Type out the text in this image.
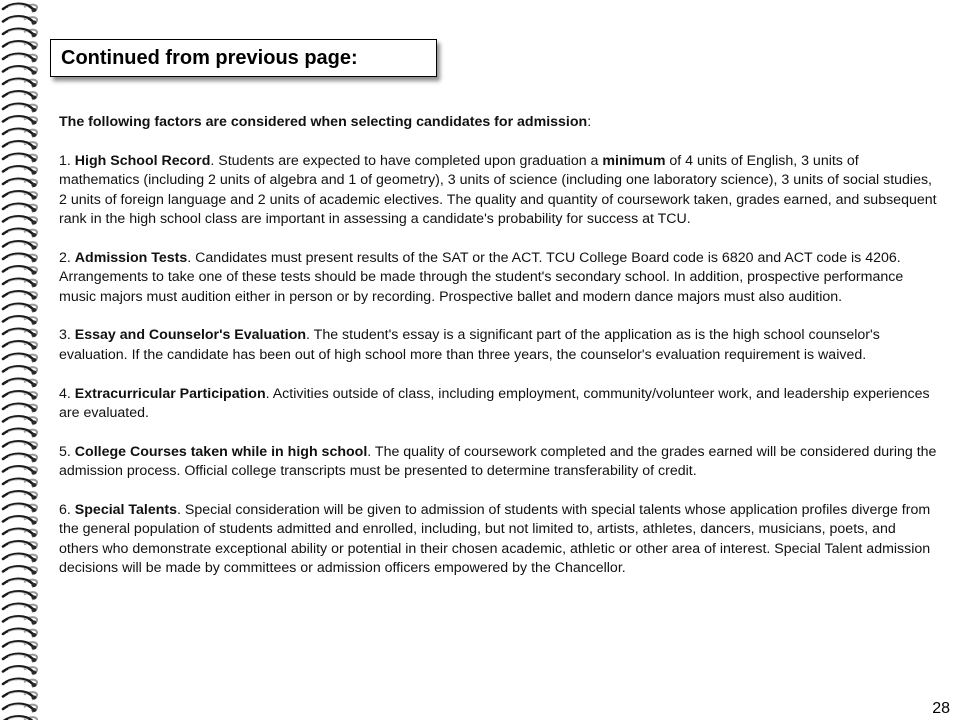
Continued from previous page:

The following factors are considered when selecting candidates for admission:

1. High School Record. Students are expected to have completed upon graduation a minimum of 4 units of English, 3 units of mathematics (including 2 units of algebra and 1 of geometry), 3 units of science (including one laboratory science), 3 units of social studies, 2 units of foreign language and 2 units of academic electives. The quality and quantity of coursework taken, grades earned, and subsequent rank in the high school class are important in assessing a candidate's probability for success at TCU.

2. Admission Tests. Candidates must present results of the SAT or the ACT. TCU College Board code is 6820 and ACT code is 4206. Arrangements to take one of these tests should be made through the student's secondary school. In addition, prospective performance music majors must audition either in person or by recording. Prospective ballet and modern dance majors must also audition.

3. Essay and Counselor's Evaluation. The student's essay is a significant part of the application as is the high school counselor's evaluation. If the candidate has been out of high school more than three years, the counselor's evaluation requirement is waived.

4. Extracurricular Participation. Activities outside of class, including employment, community/volunteer work, and leadership experiences are evaluated.

5. College Courses taken while in high school. The quality of coursework completed and the grades earned will be considered during the admission process. Official college transcripts must be presented to determine transferability of credit.

6. Special Talents. Special consideration will be given to admission of students with special talents whose application profiles diverge from the general population of students admitted and enrolled, including, but not limited to, artists, athletes, dancers, musicians, poets, and others who demonstrate exceptional ability or potential in their chosen academic, athletic or other area of interest. Special Talent admission decisions will be made by committees or admission officers empowered by the Chancellor.

28
